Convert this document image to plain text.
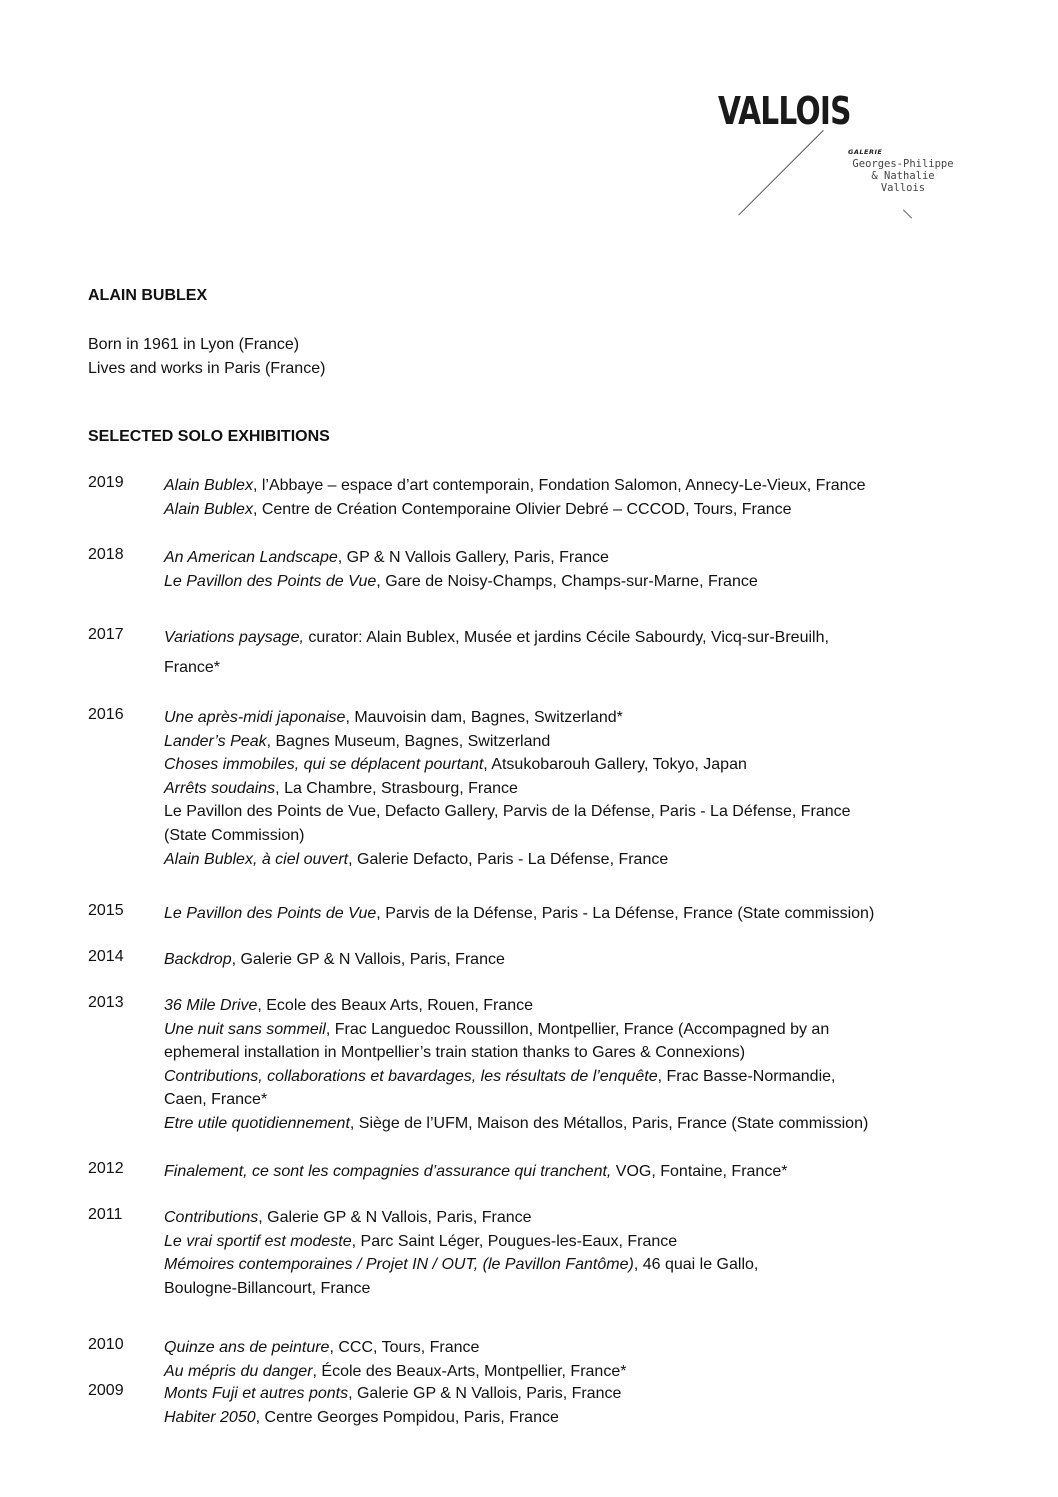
VALLOIS
GALERIE
Georges-Philippe
& Nathalie
Vallois
ALAIN BUBLEX
Born in 1961 in Lyon (France)
Lives and works in Paris (France)
SELECTED SOLO EXHIBITIONS
2019	Alain Bublex, l’Abbaye – espace d’art contemporain, Fondation Salomon, Annecy-Le-Vieux, France
Alain Bublex, Centre de Création Contemporaine Olivier Debré – CCCOD, Tours, France
2018	An American Landscape, GP & N Vallois Gallery, Paris, France
Le Pavillon des Points de Vue, Gare de Noisy-Champs, Champs-sur-Marne, France
2017	Variations paysage, curator: Alain Bublex, Musée et jardins Cécile Sabourdy, Vicq-sur-Breuilh,
France*
2016	Une après-midi japonaise, Mauvoisin dam, Bagnes, Switzerland*
Lander’s Peak, Bagnes Museum, Bagnes, Switzerland
Choses immobiles, qui se déplacent pourtant, Atsukobarouh Gallery, Tokyo, Japan
Arrêts soudains, La Chambre, Strasbourg, France
Le Pavillon des Points de Vue, Defacto Gallery, Parvis de la Défense, Paris - La Défense, France
(State Commission)
Alain Bublex, à ciel ouvert, Galerie Defacto, Paris - La Défense, France
2015	Le Pavillon des Points de Vue, Parvis de la Défense, Paris - La Défense, France (State commission)
2014	Backdrop, Galerie GP & N Vallois, Paris, France
2013	36 Mile Drive, Ecole des Beaux Arts, Rouen, France
Une nuit sans sommeil, Frac Languedoc Roussillon, Montpellier, France (Accompagned by an
ephemeral installation in Montpellier’s train station thanks to Gares & Connexions)
Contributions, collaborations et bavardages, les résultats de l’enquête, Frac Basse-Normandie,
Caen, France*
Etre utile quotidiennement, Siège de l’UFM, Maison des Métallos, Paris, France (State commission)
2012	Finalement, ce sont les compagnies d’assurance qui tranchent, VOG, Fontaine, France*
2011	Contributions, Galerie GP & N Vallois, Paris, France
Le vrai sportif est modeste, Parc Saint Léger, Pougues-les-Eaux, France
Mémoires contemporaines / Projet IN / OUT, (le Pavillon Fantôme), 46 quai le Gallo,
Boulogne-Billancourt, France
2010	Quinze ans de peinture, CCC, Tours, France
Au mépris du danger, École des Beaux-Arts, Montpellier, France*
2009	Monts Fuji et autres ponts, Galerie GP & N Vallois, Paris, France
Habiter 2050, Centre Georges Pompidou, Paris, France
